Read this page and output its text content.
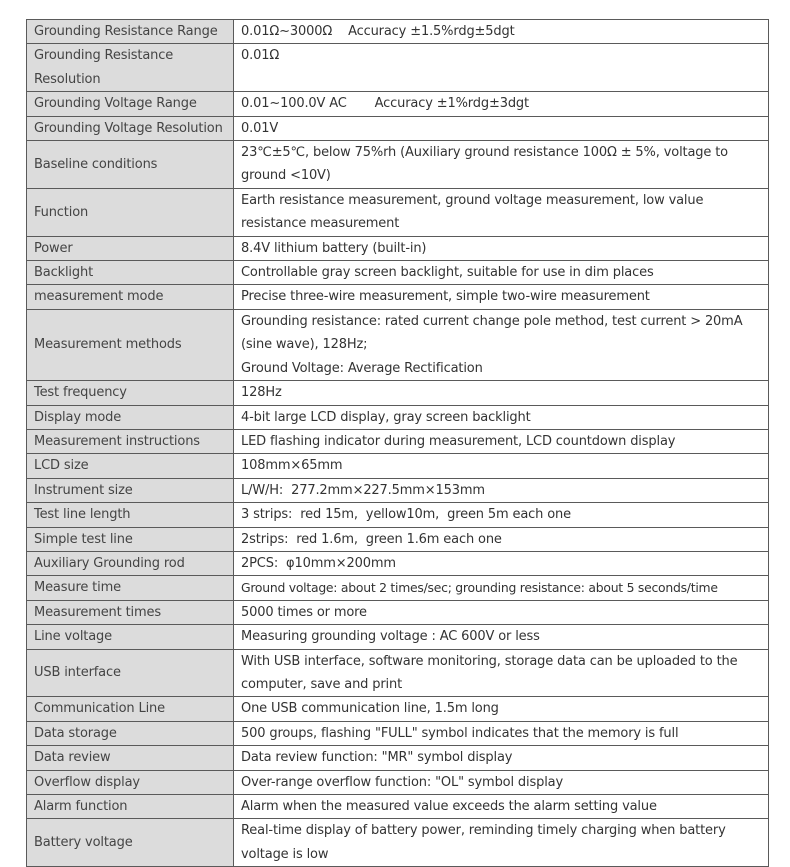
Grounding Resistance Range	0.01Ω~3000Ω    Accuracy ±1.5%rdg±5dgt
Grounding Resistance Resolution	0.01Ω
Grounding Voltage Range	0.01~100.0V AC       Accuracy ±1%rdg±3dgt
Grounding Voltage Resolution	0.01V
Baseline conditions	23℃±5℃, below 75%rh (Auxiliary ground resistance 100Ω ± 5%, voltage to ground <10V)
Function	Earth resistance measurement, ground voltage measurement, low value resistance measurement
Power	8.4V lithium battery (built-in)
Backlight	Controllable gray screen backlight, suitable for use in dim places
measurement mode	Precise three-wire measurement, simple two-wire measurement
Measurement methods	Grounding resistance: rated current change pole method, test current > 20mA (sine wave), 128Hz;
Ground Voltage: Average Rectification

Test frequency	128Hz
Display mode	4-bit large LCD display, gray screen backlight
Measurement instructions	LED flashing indicator during measurement, LCD countdown display
LCD size	108mm×65mm
Instrument size	L/W/H:  277.2mm×227.5mm×153mm
Test line length	3 strips:  red 15m,  yellow10m,  green 5m each one
Simple test line	2strips:  red 1.6m,  green 1.6m each one
Auxiliary Grounding rod	2PCS:  φ10mm×200mm
Measure time	Ground voltage: about 2 times/sec; grounding resistance: about 5 seconds/time
Measurement times	5000 times or more
Line voltage	Measuring grounding voltage : AC 600V or less
USB interface	With USB interface, software monitoring, storage data can be uploaded to the computer, save and print
Communication Line	One USB communication line, 1.5m long
Data storage	500 groups, flashing "FULL" symbol indicates that the memory is full
Data review	Data review function: "MR" symbol display
Overflow display	Over-range overflow function: "OL" symbol display
Alarm function	Alarm when the measured value exceeds the alarm setting value
Battery voltage	Real-time display of battery power, reminding timely charging when battery voltage is low
